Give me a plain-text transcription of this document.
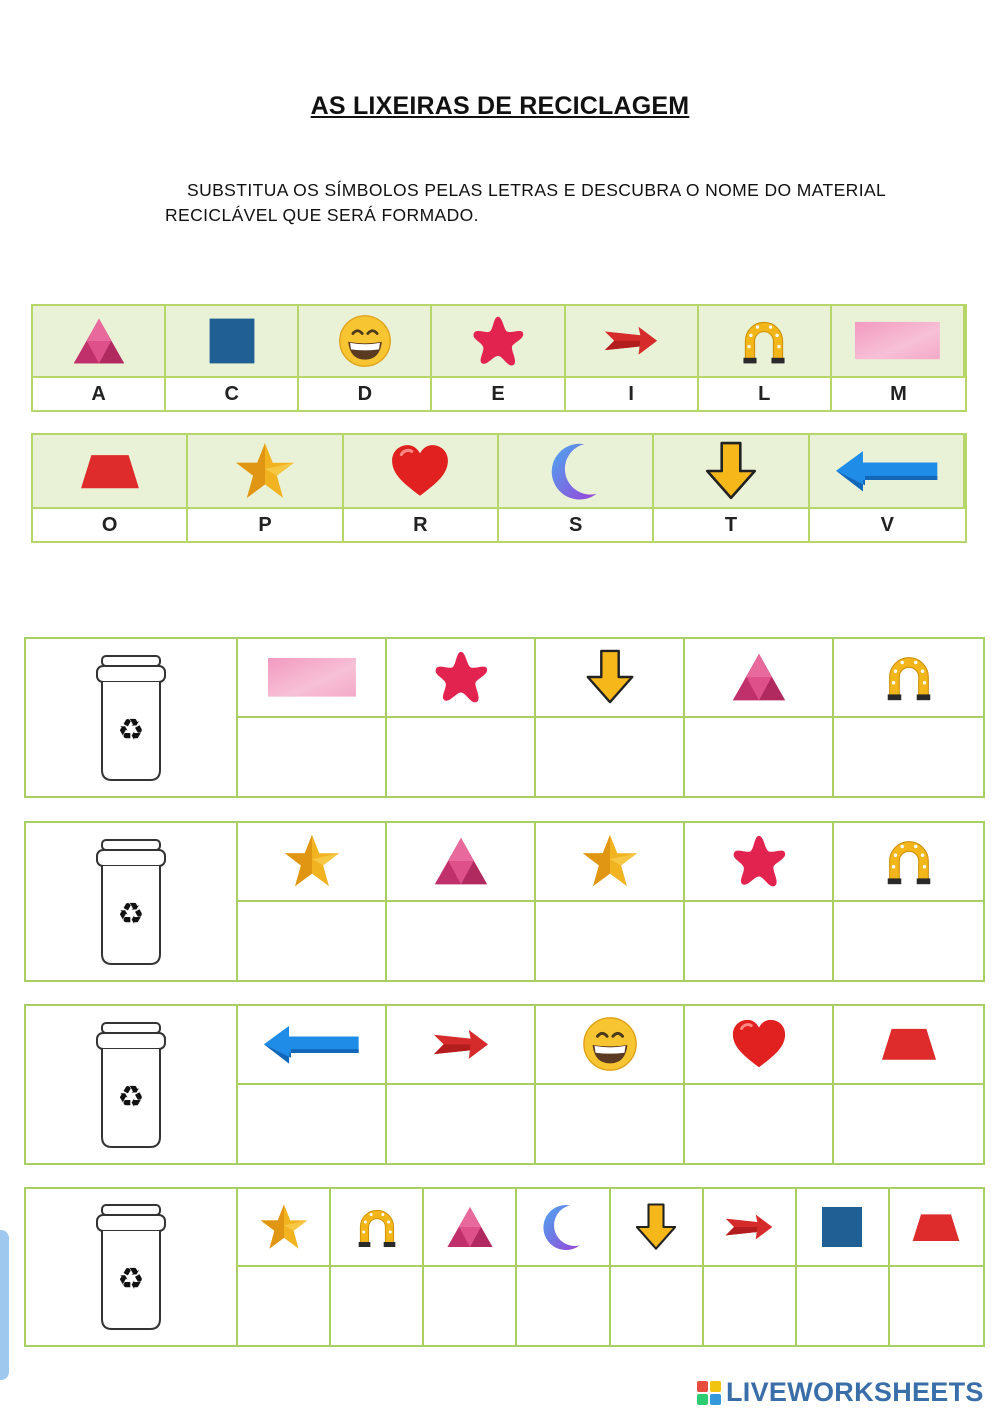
AS LIXEIRAS DE RECICLAGEM
SUBSTITUA OS SÍMBOLOS PELAS LETRAS E DESCUBRA O NOME DO MATERIAL
RECICLÁVEL QUE SERÁ FORMADO.
A	C	D	E	I	L	M
O	P	R	S	T	V
♻
♻
♻
♻
LIVEWORKSHEETS
